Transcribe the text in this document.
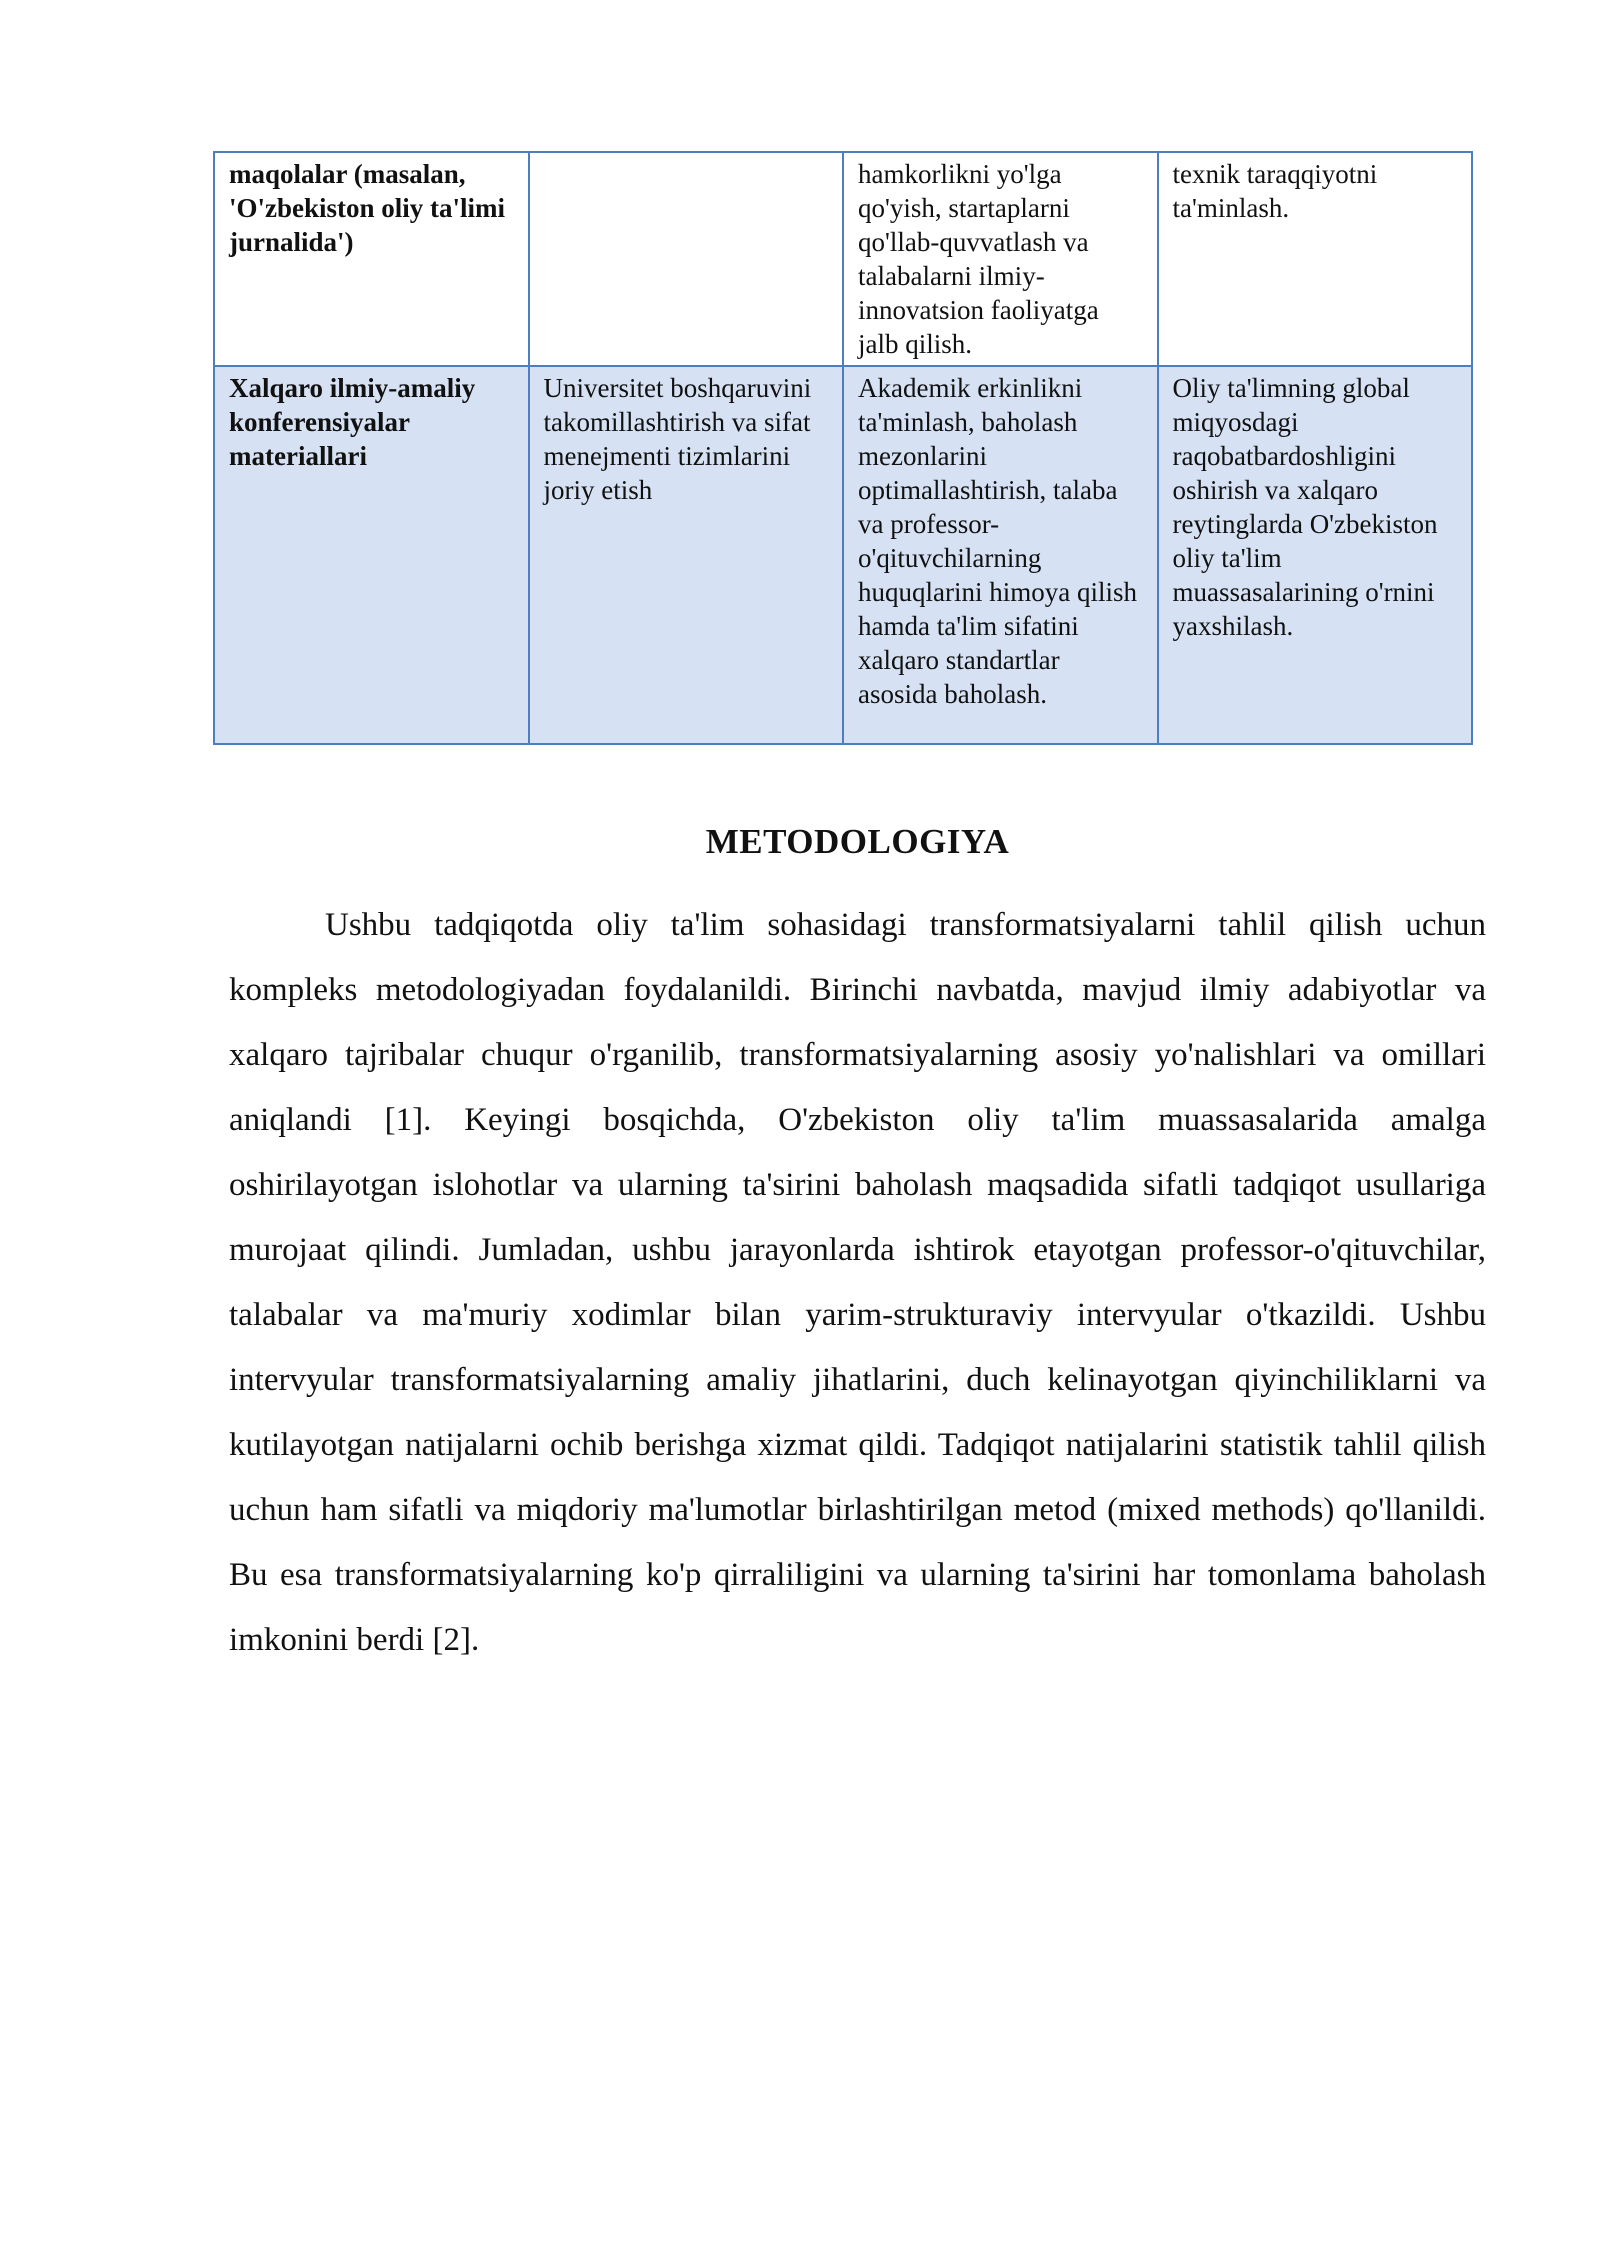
maqolalar (masalan, 'O'zbekiston oliy ta'limi jurnalida')		hamkorlikni yo'lga qo'yish, startaplarni qo'llab-quvvatlash va talabalarni ilmiy-innovatsion faoliyatga jalb qilish.	texnik taraqqiyotni ta'minlash.
Xalqaro ilmiy-amaliy konferensiyalar materiallari	Universitet boshqaruvini takomillashtirish va sifat menejmenti tizimlarini joriy etish	Akademik erkinlikni ta'minlash, baholash mezonlarini optimallashtirish, talaba va professor-o'qituvchilarning huquqlarini himoya qilish hamda ta'lim sifatini xalqaro standartlar asosida baholash.	Oliy ta'limning global miqyosdagi raqobatbardoshligini oshirish va xalqaro reytinglarda O'zbekiston oliy ta'lim muassasalarining o'rnini yaxshilash.
METODOLOGIYA

Ushbu tadqiqotda oliy ta'lim sohasidagi transformatsiyalarni tahlil qilish uchun kompleks metodologiyadan foydalanildi. Birinchi navbatda, mavjud ilmiy adabiyotlar va xalqaro tajribalar chuqur o'rganilib, transformatsiyalarning asosiy yo'nalishlari va omillari aniqlandi [1]. Keyingi bosqichda, O'zbekiston oliy ta'lim muassasalarida amalga oshirilayotgan islohotlar va ularning ta'sirini baholash maqsadida sifatli tadqiqot usullariga murojaat qilindi. Jumladan, ushbu jarayonlarda ishtirok etayotgan professor-o'qituvchilar, talabalar va ma'muriy xodimlar bilan yarim-strukturaviy intervyular o'tkazildi. Ushbu intervyular transformatsiyalarning amaliy jihatlarini, duch kelinayotgan qiyinchiliklarni va kutilayotgan natijalarni ochib berishga xizmat qildi. Tadqiqot natijalarini statistik tahlil qilish uchun ham sifatli va miqdoriy ma'lumotlar birlashtirilgan metod (mixed methods) qo'llanildi. Bu esa transformatsiyalarning ko'p qirraliligini va ularning ta'sirini har tomonlama baholash imkonini berdi [2].
